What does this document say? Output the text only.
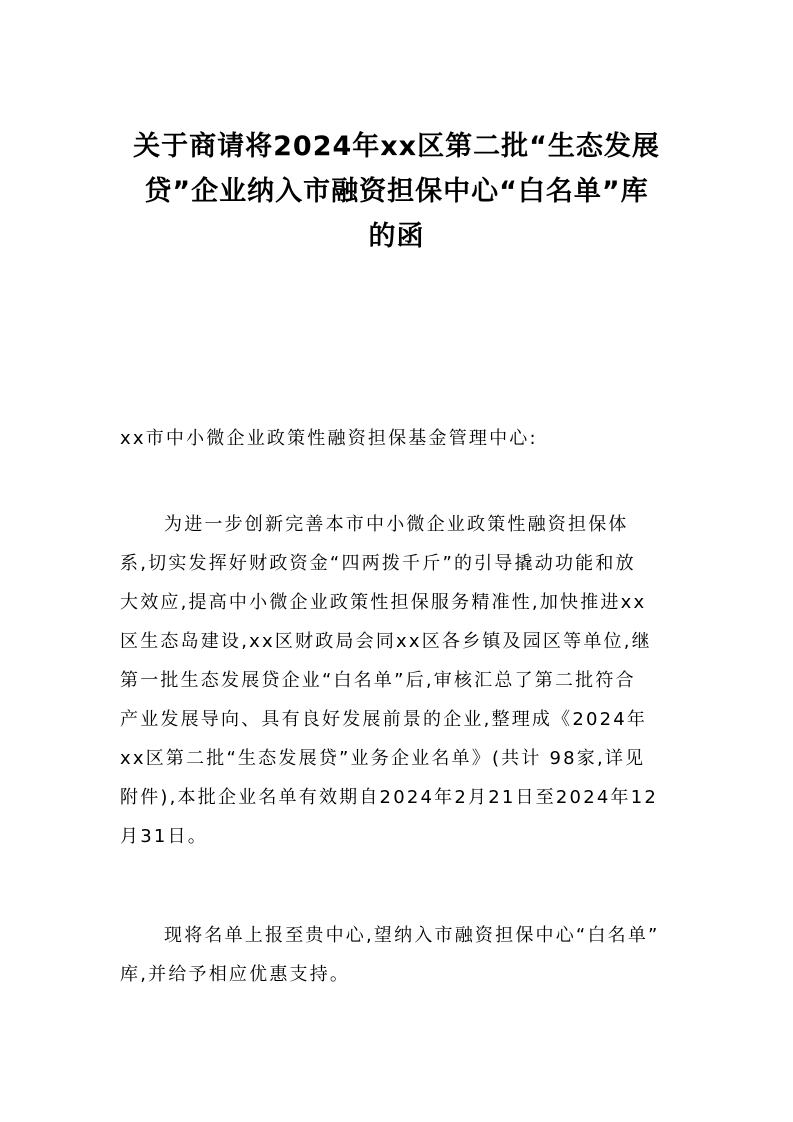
关于商请将2024年xx区第二批“生态发展
贷”企业纳入市融资担保中心“白名单”库
的函

xx市中小微企业政策性融资担保基金管理中心:

为进一步创新完善本市中小微企业政策性融资担保体
系,切实发挥好财政资金“四两拨千斤”的引导撬动功能和放
大效应,提高中小微企业政策性担保服务精准性,加快推进xx
区生态岛建设,xx区财政局会同xx区各乡镇及园区等单位,继
第一批生态发展贷企业“白名单”后,审核汇总了第二批符合
产业发展导向、具有良好发展前景的企业,整理成《2024年
xx区第二批“生态发展贷”业务企业名单》(共计 98家,详见
附件),本批企业名单有效期自2024年2月21日至2024年12
月31日。
现将名单上报至贵中心,望纳入市融资担保中心“白名单”
库,并给予相应优惠支持。
